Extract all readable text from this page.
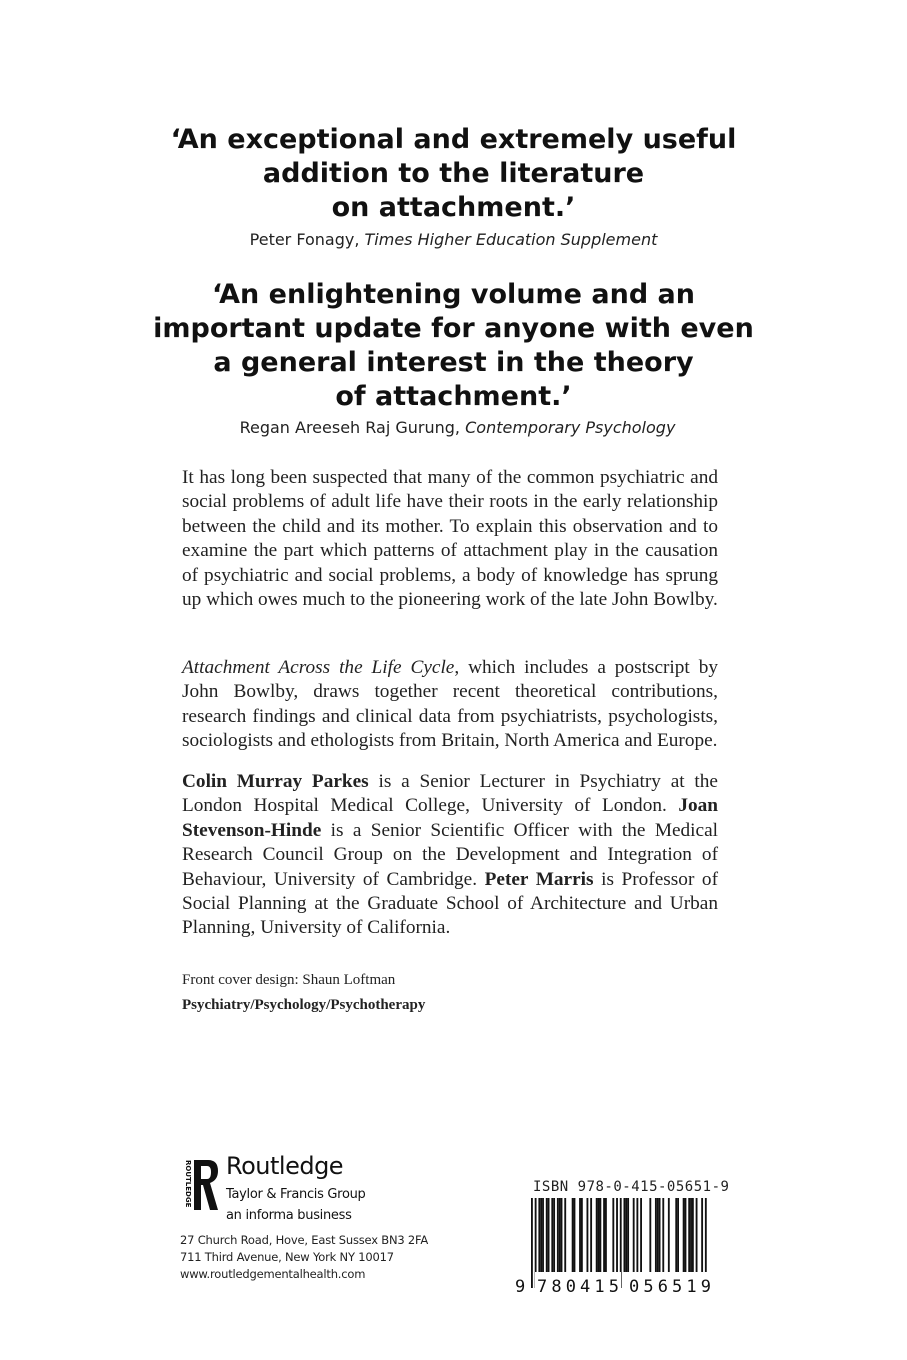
‘An exceptional and extremely useful
addition to the literature
on attachment.’
Peter Fonagy, Times Higher Education Supplement
‘An enlightening volume and an
important update for anyone with even
a general interest in the theory
of attachment.’
Regan Areeseh Raj Gurung, Contemporary Psychology

It has long been suspected that many of the common psychiatric and social problems of adult life have their roots in the early relationship between the child and its mother. To explain this observation and to examine the part which patterns of attachment play in the causation of psychiatric and social problems, a body of knowledge has sprung up which owes much to the pioneering work of the late John Bowlby.

Attachment Across the Life Cycle, which includes a postscript by John Bowlby, draws together recent theoretical contributions, research findings and clinical data from psychiatrists, psychologists, sociologists and ethologists from Britain, North America and Europe.

Colin Murray Parkes is a Senior Lecturer in Psychiatry at the London Hospital Medical College, University of London. Joan Stevenson-Hinde is a Senior Scientific Officer with the Medical Research Council Group on the Development and Integration of Behaviour, University of Cambridge. Peter Marris is Professor of Social Planning at the Graduate School of Architecture and Urban Planning, University of California.

Front cover design: Shaun Loftman
Psychiatry/Psychology/Psychotherapy
ROUTLEDGE Routledge
Taylor & Francis Group
an informa business
27 Church Road, Hove, East Sussex BN3 2FA
711 Third Avenue, New York NY 10017
www.routledgementalhealth.com
ISBN 978-0-415-05651-9
9 780415 056519
